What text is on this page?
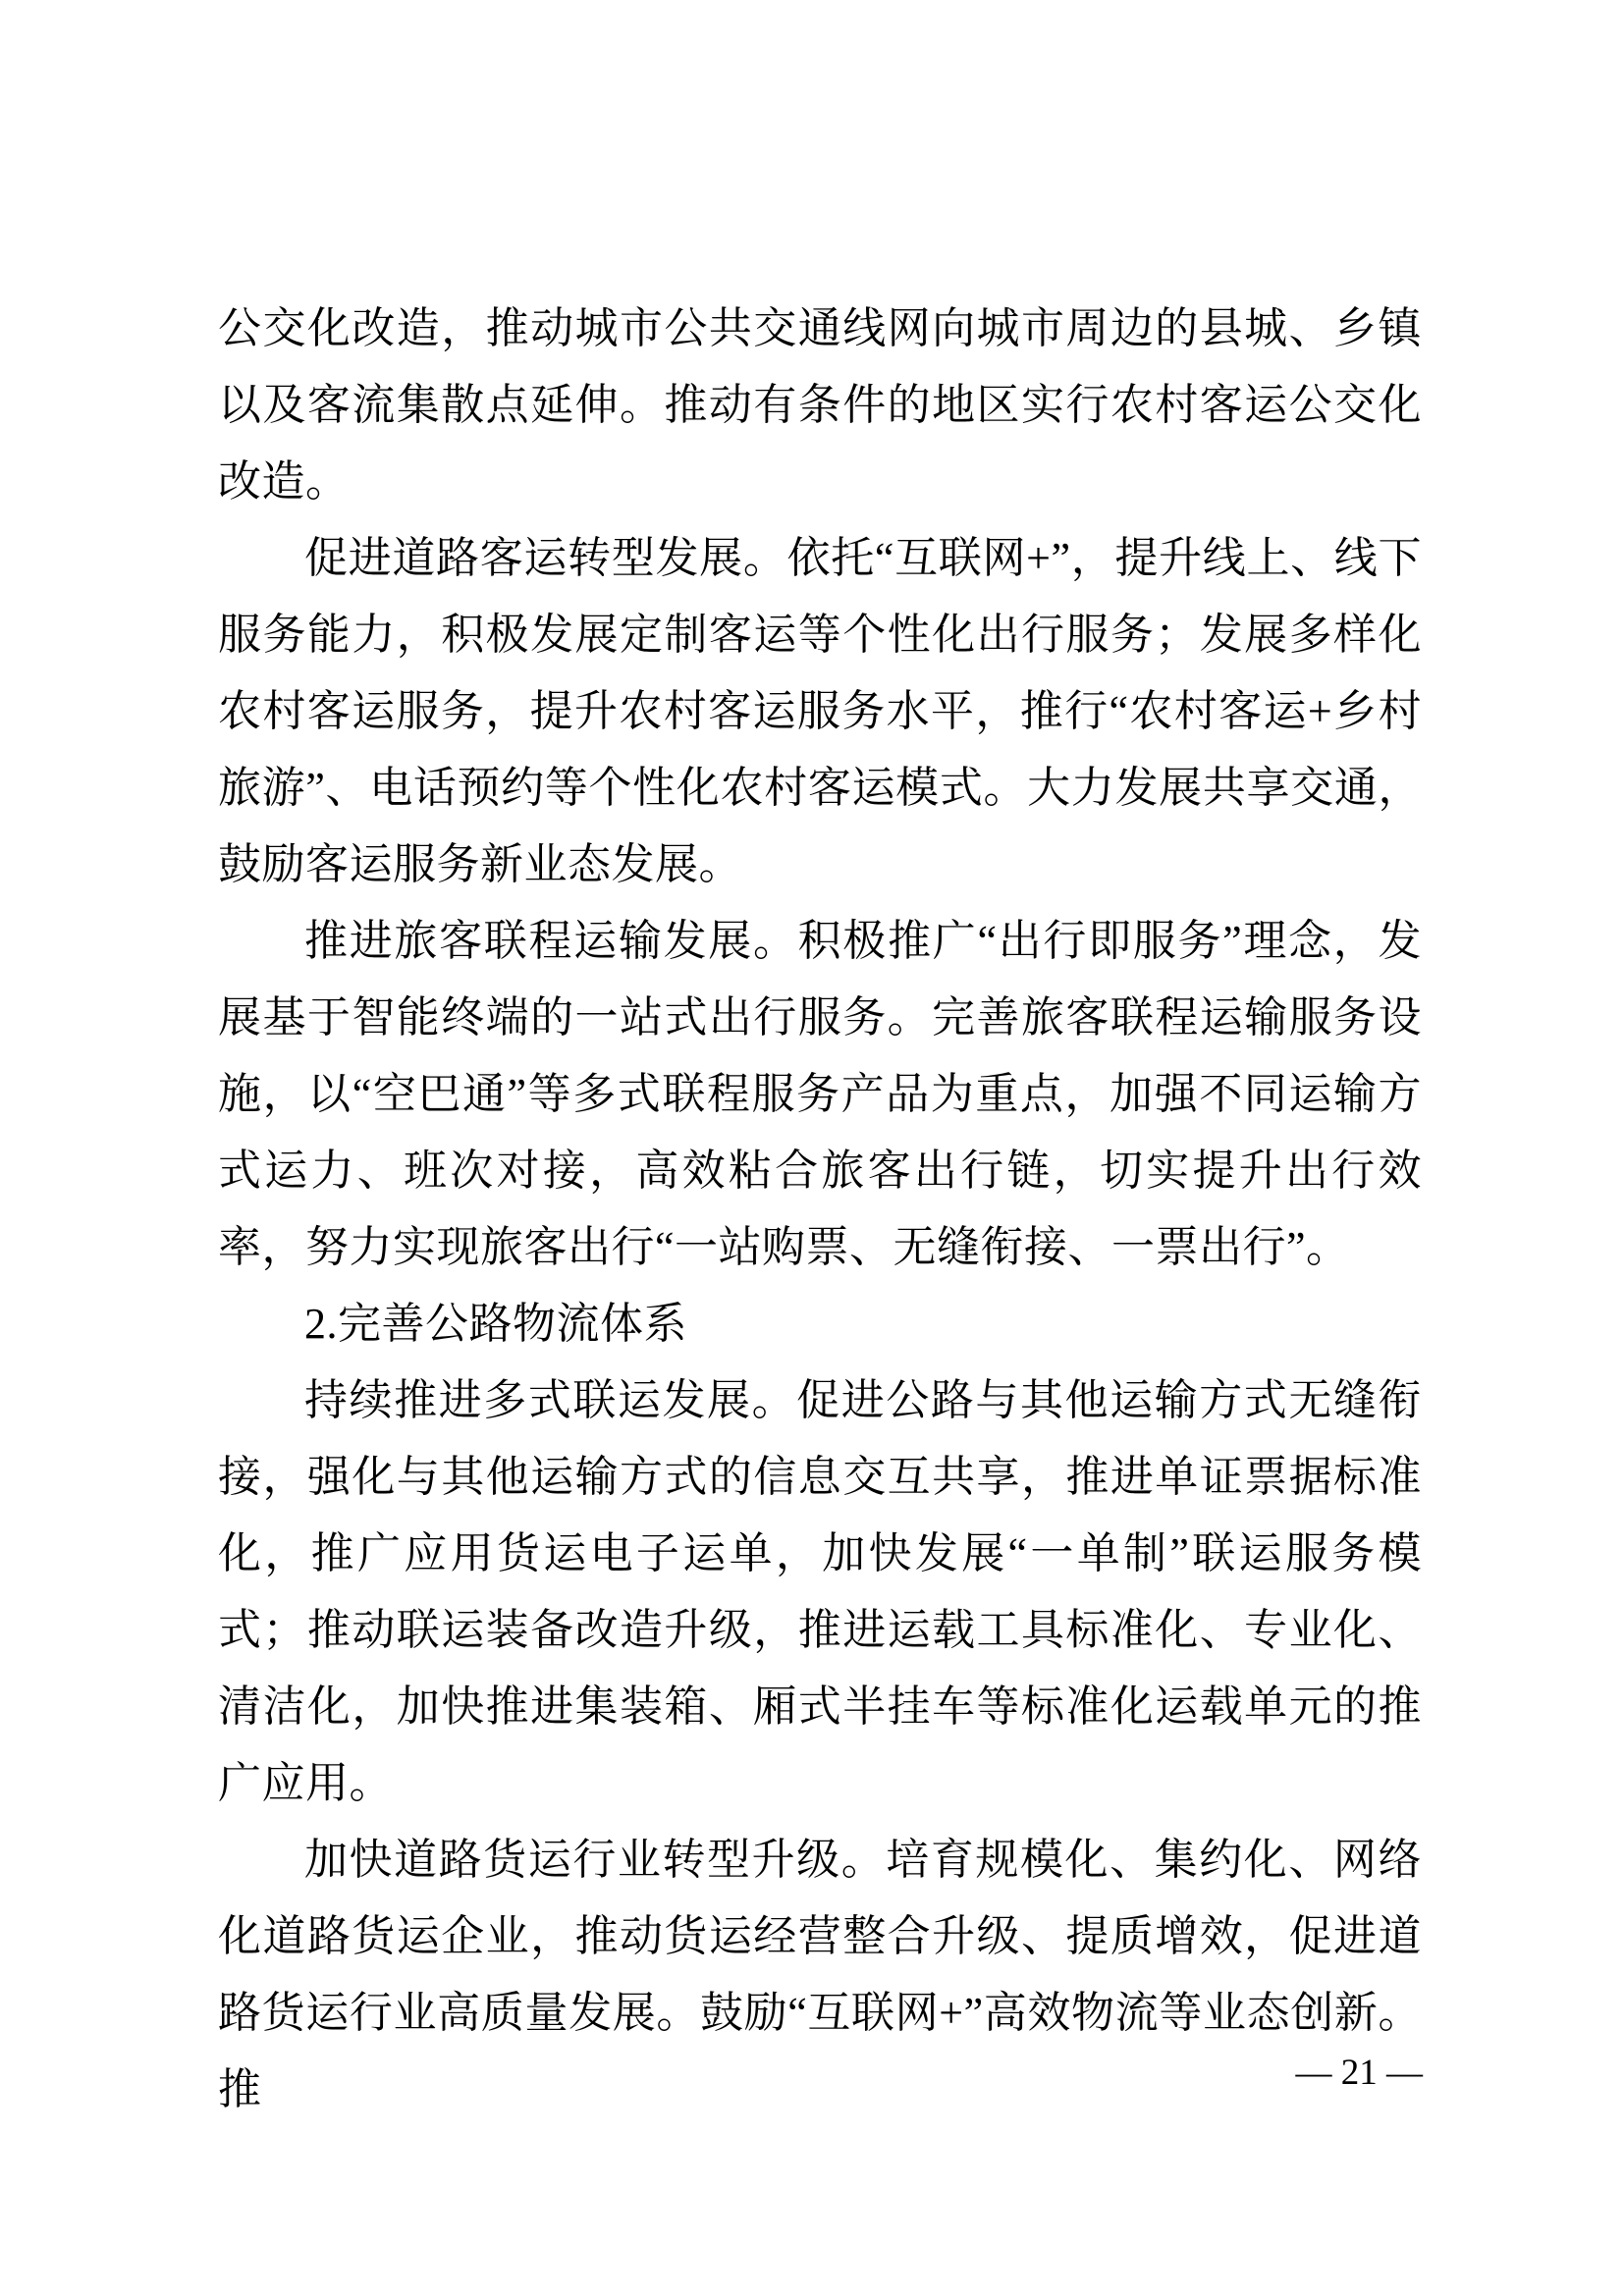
公交化改造，推动城市公共交通线网向城市周边的县城、乡镇以及客流集散点延伸。推动有条件的地区实行农村客运公交化改造。

促进道路客运转型发展。依托“互联网+”，提升线上、线下服务能力，积极发展定制客运等个性化出行服务；发展多样化农村客运服务，提升农村客运服务水平，推行“农村客运+乡村旅游”、电话预约等个性化农村客运模式。大力发展共享交通，鼓励客运服务新业态发展。

推进旅客联程运输发展。积极推广“出行即服务”理念，发展基于智能终端的一站式出行服务。完善旅客联程运输服务设施，以“空巴通”等多式联程服务产品为重点，加强不同运输方式运力、班次对接，高效粘合旅客出行链，切实提升出行效率，努力实现旅客出行“一站购票、无缝衔接、一票出行”。

2.完善公路物流体系

持续推进多式联运发展。促进公路与其他运输方式无缝衔接，强化与其他运输方式的信息交互共享，推进单证票据标准化，推广应用货运电子运单，加快发展“一单制”联运服务模式；推动联运装备改造升级，推进运载工具标准化、专业化、清洁化，加快推进集装箱、厢式半挂车等标准化运载单元的推广应用。

加快道路货运行业转型升级。培育规模化、集约化、网络化道路货运企业，推动货运经营整合升级、提质增效，促进道路货运行业高质量发展。鼓励“互联网+”高效物流等业态创新。推	— 21 —
